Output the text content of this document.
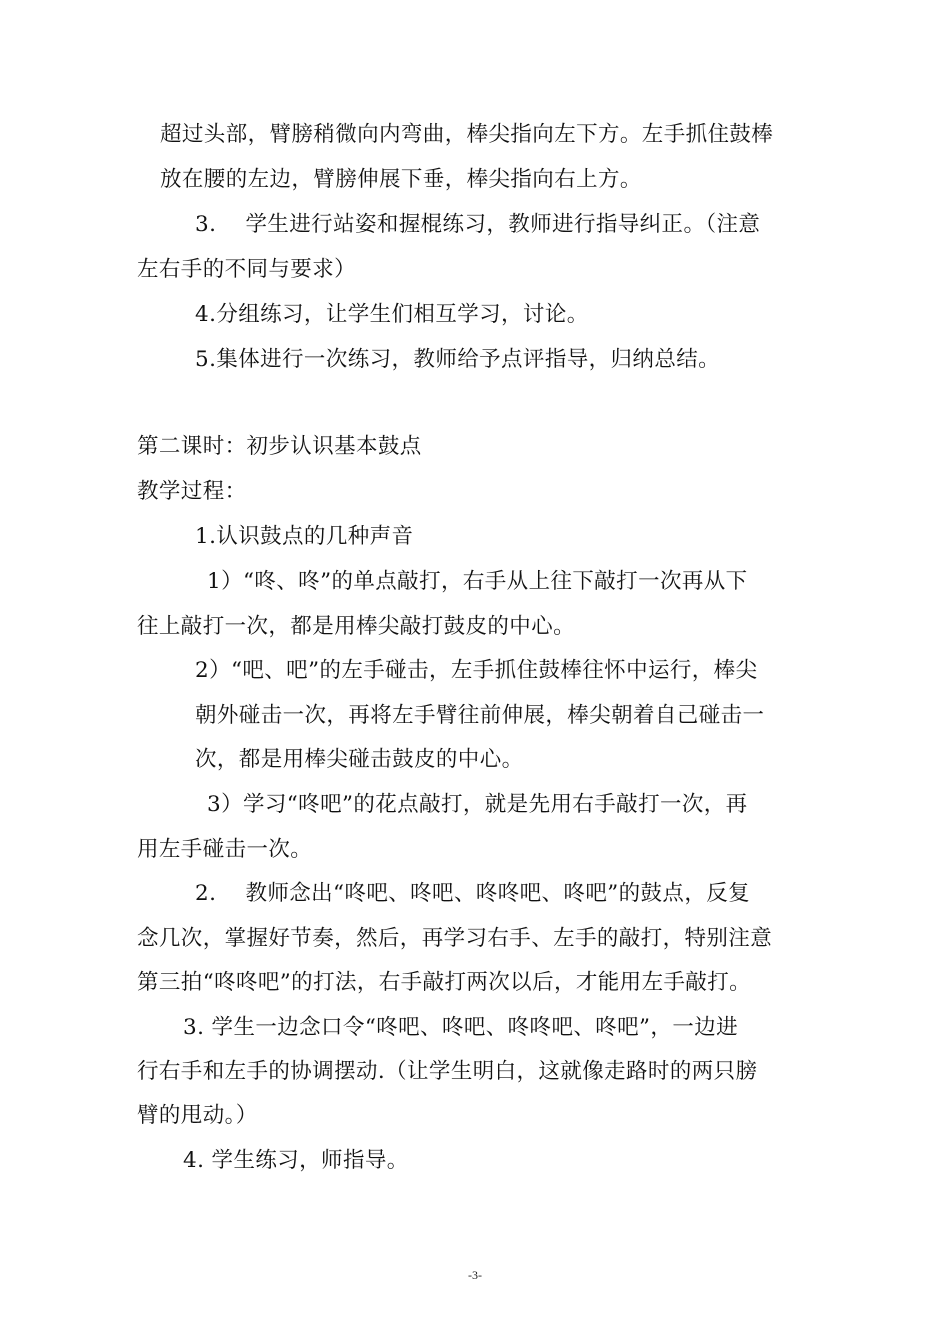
超过头部，臂膀稍微向内弯曲，棒尖指向左下方。左手抓住鼓棒
放在腰的左边，臂膀伸展下垂，棒尖指向右上方。
3.　 学生进行站姿和握棍练习，教师进行指导纠正。（注意
左右手的不同与要求）
4.分组练习，让学生们相互学习，讨论。
5.集体进行一次练习，教师给予点评指导，归纳总结。
第二课时：初步认识基本鼓点
教学过程：
1.认识鼓点的几种声音
1）“咚、咚”的单点敲打，右手从上往下敲打一次再从下
往上敲打一次，都是用棒尖敲打鼓皮的中心。
2）“吧、吧”的左手碰击，左手抓住鼓棒往怀中运行，棒尖
朝外碰击一次，再将左手臂往前伸展，棒尖朝着自己碰击一
次，都是用棒尖碰击鼓皮的中心。
3）学习“咚吧”的花点敲打，就是先用右手敲打一次，再
用左手碰击一次。
2.　 教师念出“咚吧、咚吧、咚咚吧、咚吧”的鼓点，反复
念几次，掌握好节奏，然后，再学习右手、左手的敲打，特别注意
第三拍“咚咚吧”的打法，右手敲打两次以后，才能用左手敲打。
3. 学生一边念口令“咚吧、咚吧、咚咚吧、咚吧”，一边进
行右手和左手的协调摆动.（让学生明白，这就像走路时的两只膀
臂的甩动。）
4. 学生练习，师指导。
-3-
